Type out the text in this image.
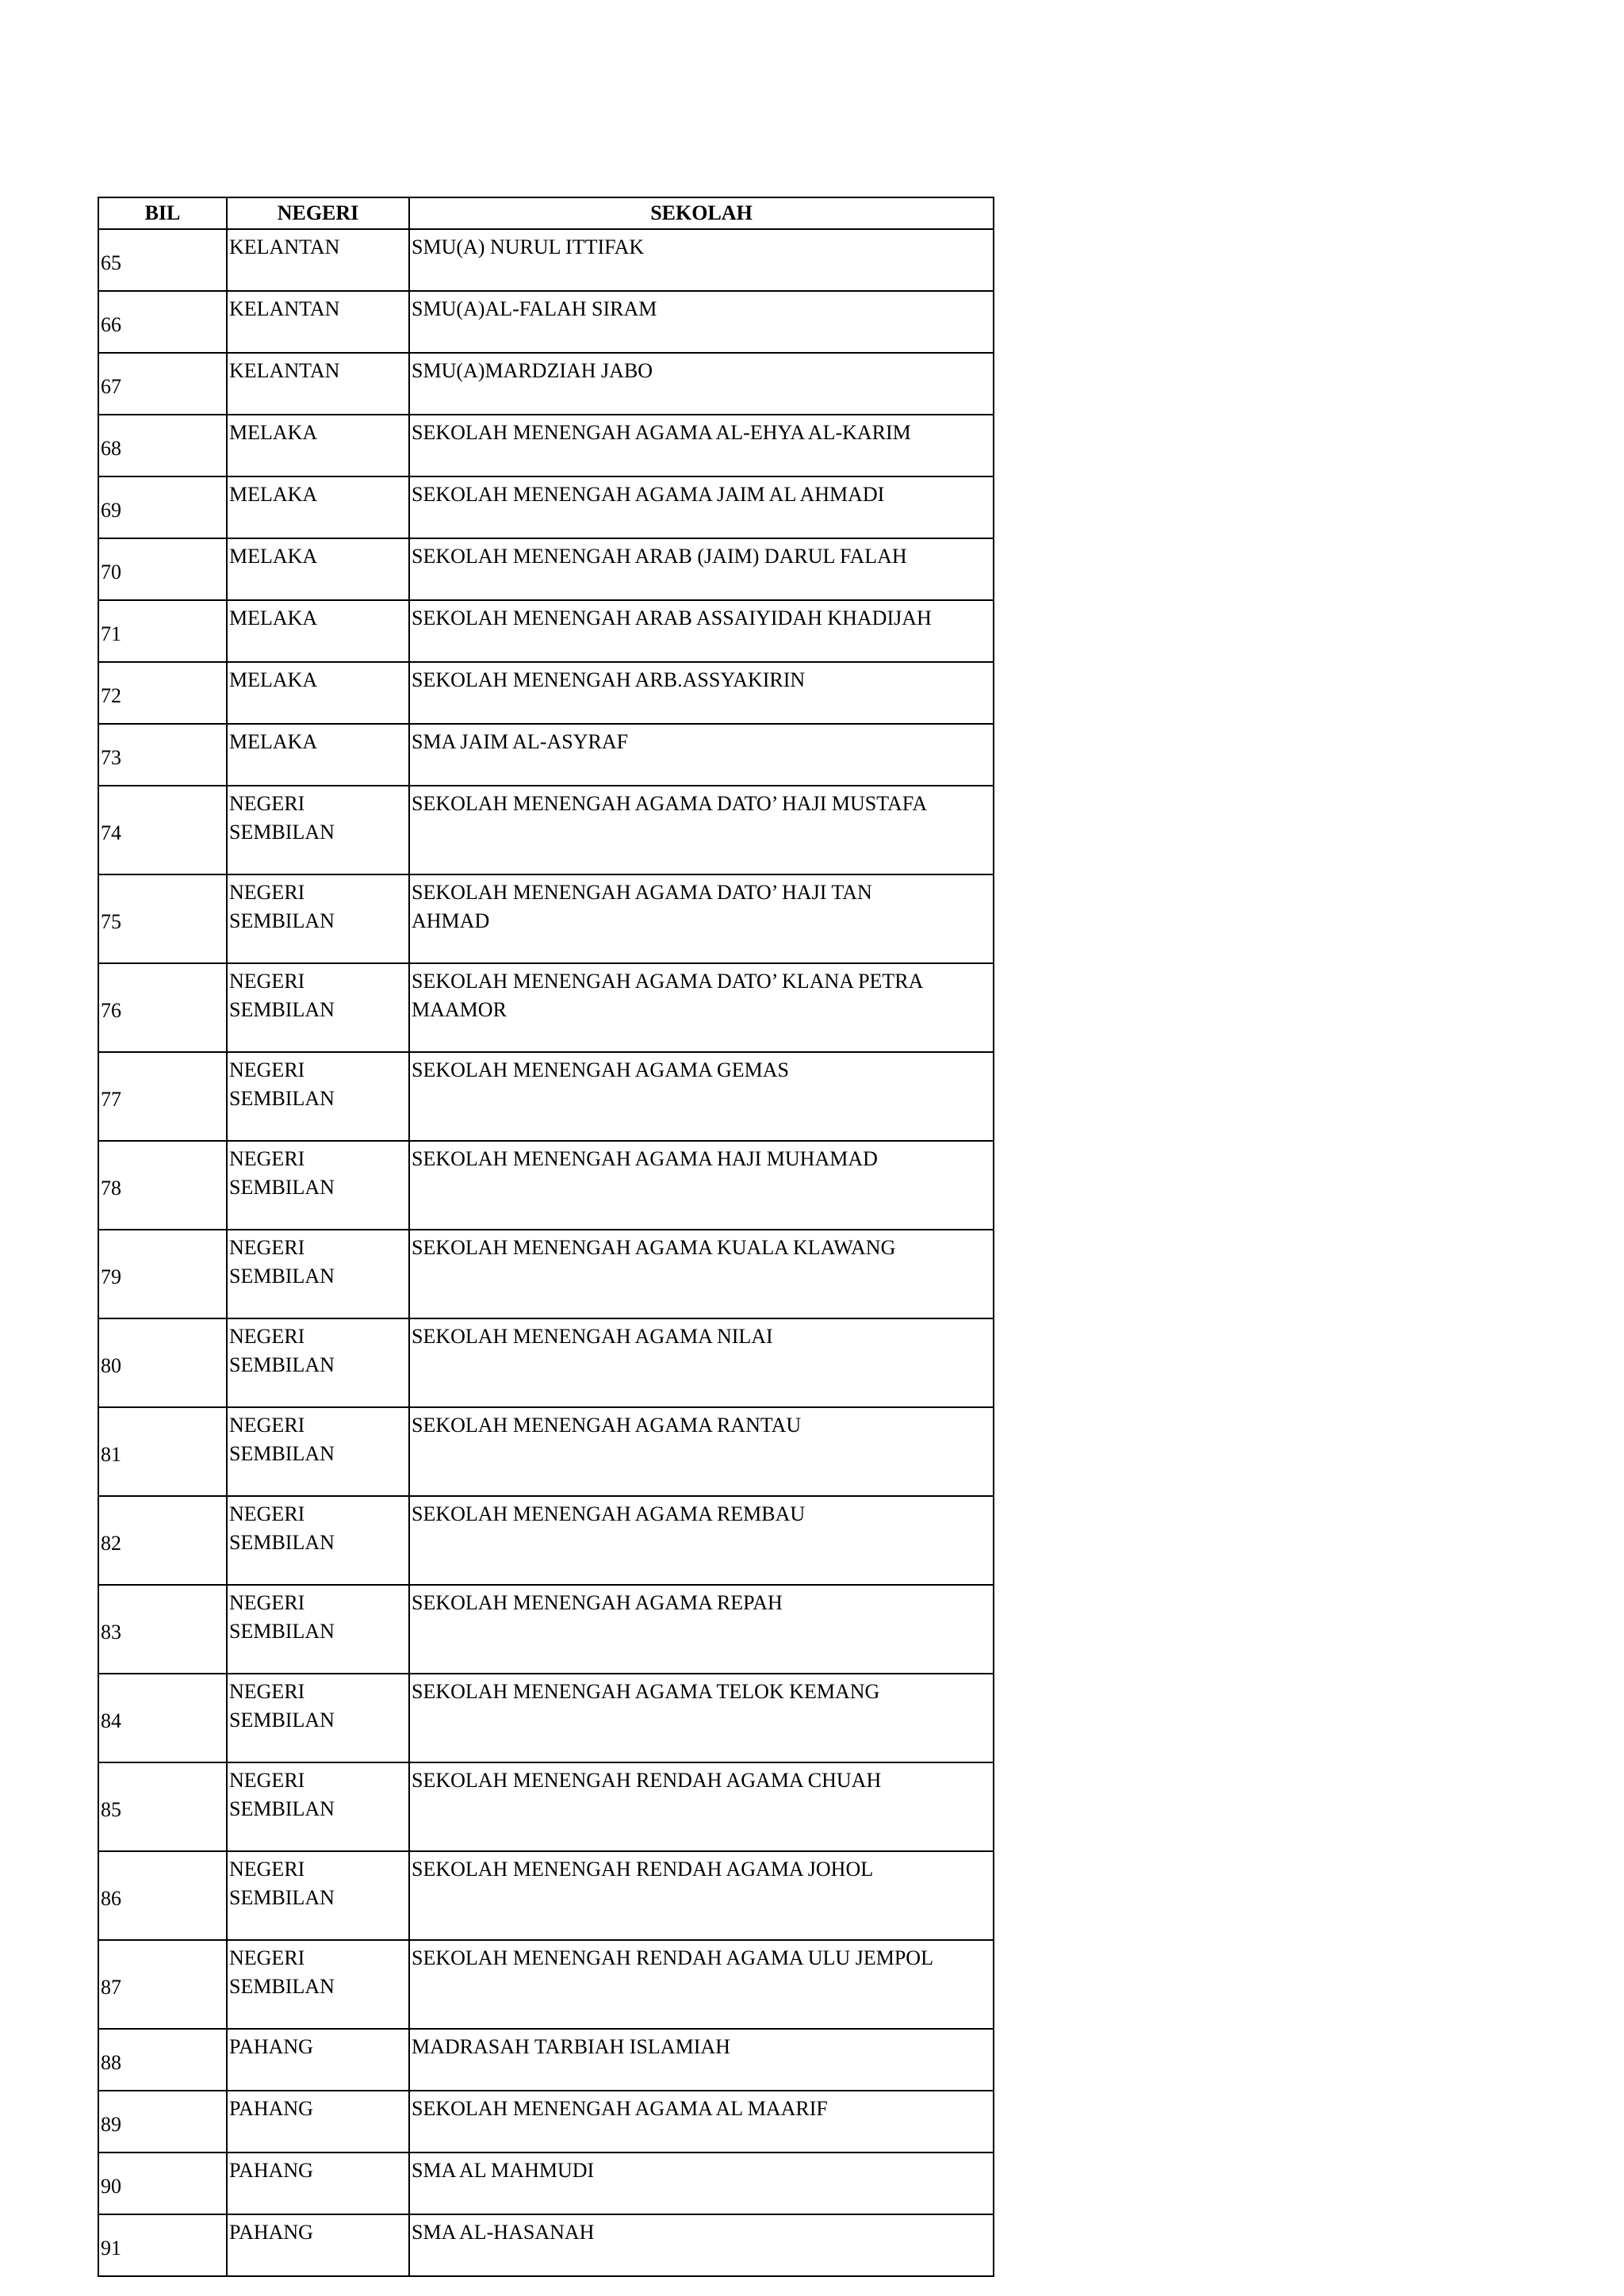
BIL	NEGERI	SEKOLAH
65	KELANTAN	SMU(A) NURUL ITTIFAK

66	KELANTAN	SMU(A)AL-FALAH SIRAM

67	KELANTAN	SMU(A)MARDZIAH JABO

68	MELAKA	SEKOLAH MENENGAH AGAMA AL-EHYA AL-KARIM

69	MELAKA	SEKOLAH MENENGAH AGAMA JAIM AL AHMADI

70	MELAKA	SEKOLAH MENENGAH ARAB (JAIM) DARUL FALAH

71	MELAKA	SEKOLAH MENENGAH ARAB ASSAIYIDAH KHADIJAH

72	MELAKA	SEKOLAH MENENGAH ARB.ASSYAKIRIN

73	MELAKA	SMA JAIM AL-ASYRAF

74	NEGERI
SEMBILAN	SEKOLAH MENENGAH AGAMA DATO’ HAJI MUSTAFA

75	NEGERI
SEMBILAN	SEKOLAH MENENGAH AGAMA DATO’ HAJI TAN
AHMAD

76	NEGERI
SEMBILAN	SEKOLAH MENENGAH AGAMA DATO’ KLANA PETRA
MAAMOR

77	NEGERI
SEMBILAN	SEKOLAH MENENGAH AGAMA GEMAS

78	NEGERI
SEMBILAN	SEKOLAH MENENGAH AGAMA HAJI MUHAMAD

79	NEGERI
SEMBILAN	SEKOLAH MENENGAH AGAMA KUALA KLAWANG

80	NEGERI
SEMBILAN	SEKOLAH MENENGAH AGAMA NILAI

81	NEGERI
SEMBILAN	SEKOLAH MENENGAH AGAMA RANTAU

82	NEGERI
SEMBILAN	SEKOLAH MENENGAH AGAMA REMBAU

83	NEGERI
SEMBILAN	SEKOLAH MENENGAH AGAMA REPAH

84	NEGERI
SEMBILAN	SEKOLAH MENENGAH AGAMA TELOK KEMANG

85	NEGERI
SEMBILAN	SEKOLAH MENENGAH RENDAH AGAMA CHUAH

86	NEGERI
SEMBILAN	SEKOLAH MENENGAH RENDAH AGAMA JOHOL

87	NEGERI
SEMBILAN	SEKOLAH MENENGAH RENDAH AGAMA ULU JEMPOL

88	PAHANG	MADRASAH TARBIAH ISLAMIAH

89	PAHANG	SEKOLAH MENENGAH AGAMA AL MAARIF

90	PAHANG	SMA AL MAHMUDI

91	PAHANG	SMA AL-HASANAH
